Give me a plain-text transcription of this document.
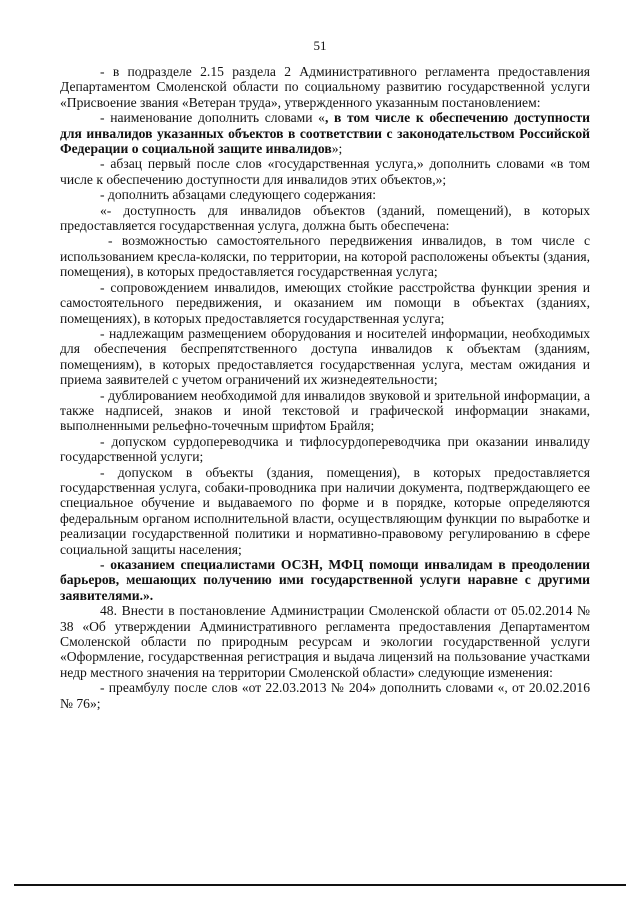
51

- в подразделе 2.15 раздела 2 Административного регламента предоставления Департаментом Смоленской области по социальному развитию государственной услуги «Присвоение звания «Ветеран труда», утвержденного указанным постановлением:

- наименование дополнить словами «, в том числе к обеспечению доступности для инвалидов указанных объектов в соответствии с законодательством Российской Федерации о социальной защите инвалидов»;

- абзац первый после слов «государственная услуга,» дополнить словами «в том числе к обеспечению доступности для инвалидов этих объектов,»;

- дополнить абзацами следующего содержания:

«- доступность для инвалидов объектов (зданий, помещений), в которых предоставляется государственная услуга, должна быть обеспечена:

- возможностью самостоятельного передвижения инвалидов, в том числе с использованием кресла-коляски, по территории, на которой расположены объекты (здания, помещения), в которых предоставляется государственная услуга;

- сопровождением инвалидов, имеющих стойкие расстройства функции зрения и самостоятельного передвижения, и оказанием им помощи в объектах (зданиях, помещениях), в которых предоставляется государственная услуга;

- надлежащим размещением оборудования и носителей информации, необходимых для обеспечения беспрепятственного доступа инвалидов к объектам (зданиям, помещениям), в которых предоставляется государственная услуга, местам ожидания и приема заявителей с учетом ограничений их жизнедеятельности;

- дублированием необходимой для инвалидов звуковой и зрительной информации, а также надписей, знаков и иной текстовой и графической информации знаками, выполненными рельефно-точечным шрифтом Брайля;

- допуском сурдопереводчика и тифлосурдопереводчика при оказании инвалиду государственной услуги;

- допуском в объекты (здания, помещения), в которых предоставляется государственная услуга, собаки-проводника при наличии документа, подтверждающего ее специальное обучение и выдаваемого по форме и в порядке, которые определяются федеральным органом исполнительной власти, осуществляющим функции по выработке и реализации государственной политики и нормативно-правовому регулированию в сфере социальной защиты населения;

- оказанием специалистами ОСЗН, МФЦ помощи инвалидам в преодолении барьеров, мешающих получению ими государственной услуги наравне с другими заявителями.».

48. Внести в постановление Администрации Смоленской области от 05.02.2014 № 38 «Об утверждении Административного регламента предоставления Департаментом Смоленской области по природным ресурсам и экологии государственной услуги «Оформление, государственная регистрация и выдача лицензий на пользование участками недр местного значения на территории Смоленской области» следующие изменения:

- преамбулу после слов «от 22.03.2013 № 204» дополнить словами «, от 20.02.2016 № 76»;
